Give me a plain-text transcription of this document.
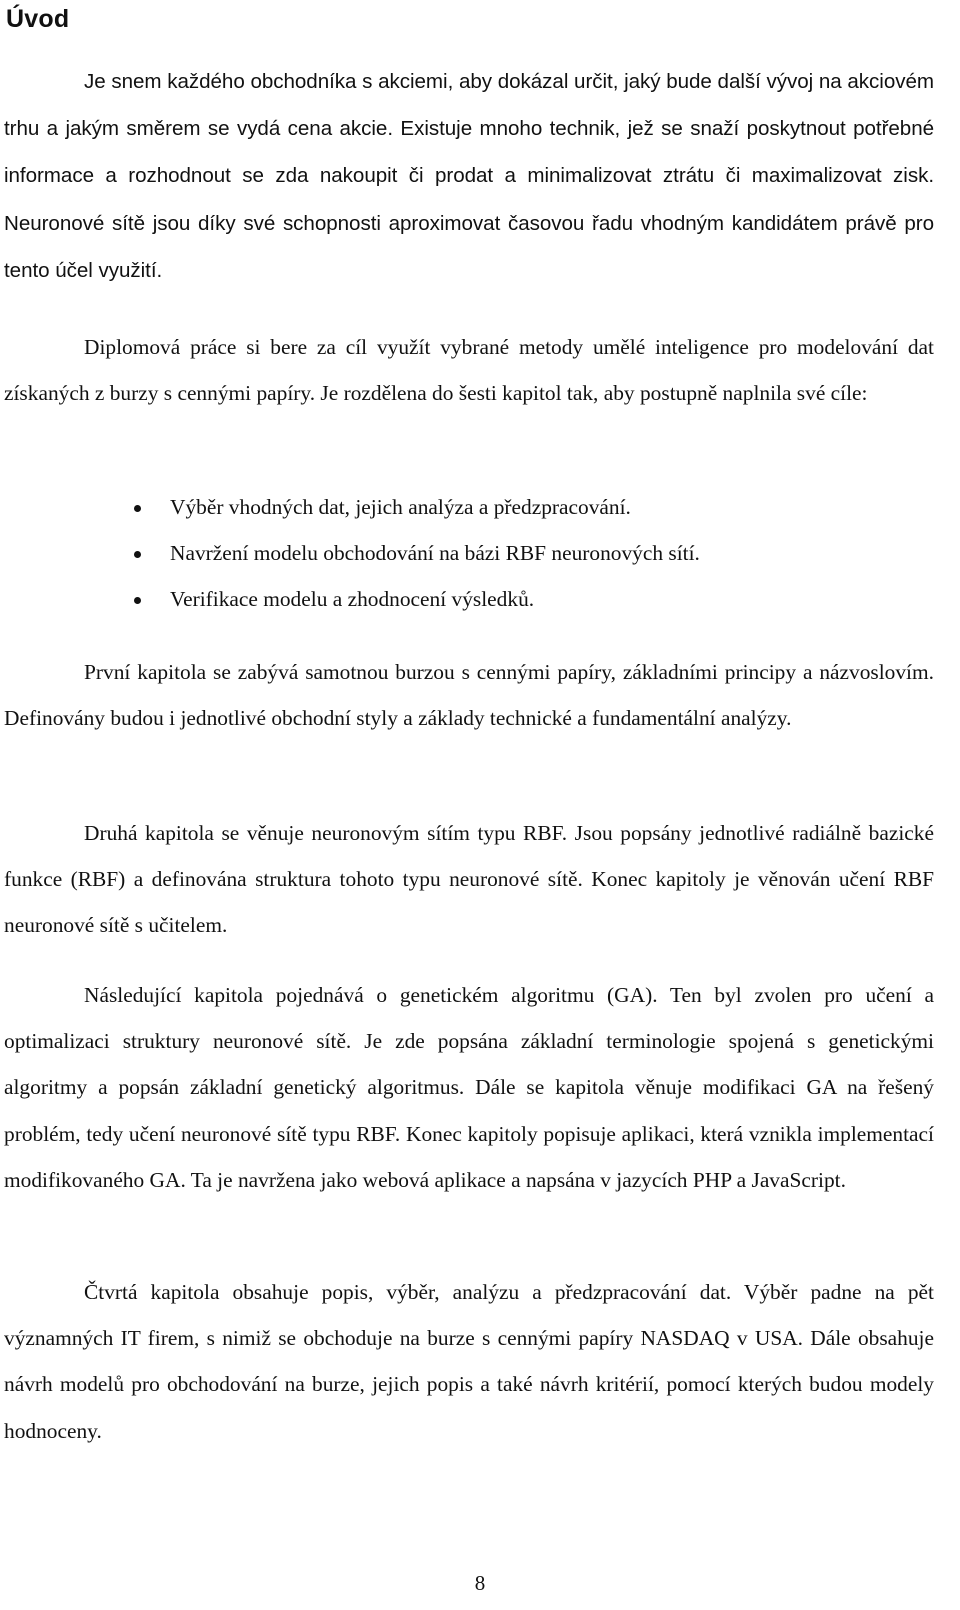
Úvod

Je snem každého obchodníka s akciemi, aby dokázal určit, jaký bude další vývoj na akciovém trhu a jakým směrem se vydá cena akcie. Existuje mnoho technik, jež se snaží poskytnout potřebné informace a rozhodnout se zda nakoupit či prodat a minimalizovat ztrátu či maximalizovat zisk. Neuronové sítě jsou díky své schopnosti aproximovat časovou řadu vhodným kandidátem právě pro tento účel využití.

Diplomová práce si bere za cíl využít vybrané metody umělé inteligence pro modelování dat získaných z burzy s cennými papíry. Je rozdělena do šesti kapitol tak, aby postupně naplnila své cíle:

Výběr vhodných dat, jejich analýza a předzpracování.
Navržení modelu obchodování na bázi RBF neuronových sítí.
Verifikace modelu a zhodnocení výsledků.

První kapitola se zabývá samotnou burzou s cennými papíry, základními principy a názvoslovím. Definovány budou i jednotlivé obchodní styly a základy technické a fundamentální analýzy.

Druhá kapitola se věnuje neuronovým sítím typu RBF. Jsou popsány jednotlivé radiálně bazické funkce (RBF) a definována struktura tohoto typu neuronové sítě. Konec kapitoly je věnován učení RBF neuronové sítě s učitelem.

Následující kapitola pojednává o genetickém algoritmu (GA). Ten byl zvolen pro učení a optimalizaci struktury neuronové sítě. Je zde popsána základní terminologie spojená s genetickými algoritmy a popsán základní genetický algoritmus. Dále se kapitola věnuje modifikaci GA na řešený problém, tedy učení neuronové sítě typu RBF. Konec kapitoly popisuje aplikaci, která vznikla implementací modifikovaného GA. Ta je navržena jako webová aplikace a napsána v jazycích PHP a JavaScript.

Čtvrtá kapitola obsahuje popis, výběr, analýzu a předzpracování dat. Výběr padne na pět významných IT firem, s nimiž se obchoduje na burze s cennými papíry NASDAQ v USA. Dále obsahuje návrh modelů pro obchodování na burze, jejich popis a také návrh kritérií, pomocí kterých budou modely hodnoceny.

8
